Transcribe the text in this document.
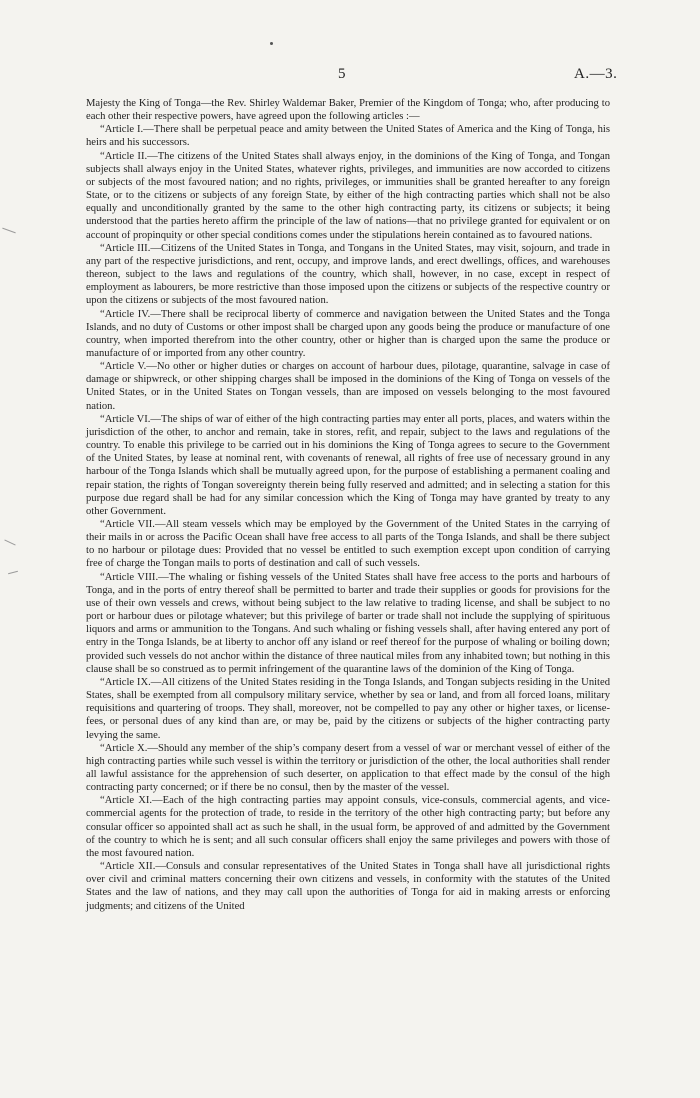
5	A.—3.

Majesty the King of Tonga—the Rev. Shirley Waldemar Baker, Premier of the Kingdom of Tonga; who, after producing to each other their respective powers, have agreed upon the following articles :—

“Article I.—There shall be perpetual peace and amity between the United States of America and the King of Tonga, his heirs and his successors.

“Article II.—The citizens of the United States shall always enjoy, in the dominions of the King of Tonga, and Tongan subjects shall always enjoy in the United States, whatever rights, privileges, and immunities are now accorded to citizens or subjects of the most favoured nation; and no rights, privileges, or immunities shall be granted hereafter to any foreign State, or to the citizens or subjects of any foreign State, by either of the high contracting parties which shall not be also equally and unconditionally granted by the same to the other high contracting party, its citizens or subjects; it being understood that the parties hereto affirm the principle of the law of nations—that no privilege granted for equivalent or on account of propinquity or other special conditions comes under the stipulations herein contained as to favoured nations.

“Article III.—Citizens of the United States in Tonga, and Tongans in the United States, may visit, sojourn, and trade in any part of the respective jurisdictions, and rent, occupy, and improve lands, and erect dwellings, offices, and warehouses thereon, subject to the laws and regulations of the country, which shall, however, in no case, except in respect of employment as labourers, be more restrictive than those imposed upon the citizens or subjects of the respective country or upon the citizens or subjects of the most favoured nation.

“Article IV.—There shall be reciprocal liberty of commerce and navigation between the United States and the Tonga Islands, and no duty of Customs or other impost shall be charged upon any goods being the produce or manufacture of one country, when imported therefrom into the other country, other or higher than is charged upon the same the produce or manufacture of or imported from any other country.

“Article V.—No other or higher duties or charges on account of harbour dues, pilotage, quarantine, salvage in case of damage or shipwreck, or other shipping charges shall be imposed in the dominions of the King of Tonga on vessels of the United States, or in the United States on Tongan vessels, than are imposed on vessels belonging to the most favoured nation.

“Article VI.—The ships of war of either of the high contracting parties may enter all ports, places, and waters within the jurisdiction of the other, to anchor and remain, take in stores, refit, and repair, subject to the laws and regulations of the country. To enable this privilege to be carried out in his dominions the King of Tonga agrees to secure to the Government of the United States, by lease at nominal rent, with covenants of renewal, all rights of free use of necessary ground in any harbour of the Tonga Islands which shall be mutually agreed upon, for the purpose of establishing a permanent coaling and repair station, the rights of Tongan sovereignty therein being fully reserved and admitted; and in selecting a station for this purpose due regard shall be had for any similar concession which the King of Tonga may have granted by treaty to any other Government.

“Article VII.—All steam vessels which may be employed by the Government of the United States in the carrying of their mails in or across the Pacific Ocean shall have free access to all parts of the Tonga Islands, and shall be there subject to no harbour or pilotage dues: Provided that no vessel be entitled to such exemption except upon condition of carrying free of charge the Tongan mails to ports of destination and call of such vessels.

“Article VIII.—The whaling or fishing vessels of the United States shall have free access to the ports and harbours of Tonga, and in the ports of entry thereof shall be permitted to barter and trade their supplies or goods for provisions for the use of their own vessels and crews, without being subject to the law relative to trading license, and shall be subject to no port or harbour dues or pilotage whatever; but this privilege of barter or trade shall not include the supplying of spirituous liquors and arms or ammunition to the Tongans. And such whaling or fishing vessels shall, after having entered any port of entry in the Tonga Islands, be at liberty to anchor off any island or reef thereof for the purpose of whaling or boiling down; provided such vessels do not anchor within the distance of three nautical miles from any inhabited town; but nothing in this clause shall be so construed as to permit infringement of the quarantine laws of the dominion of the King of Tonga.

“Article IX.—All citizens of the United States residing in the Tonga Islands, and Tongan subjects residing in the United States, shall be exempted from all compulsory military service, whether by sea or land, and from all forced loans, military requisitions and quartering of troops. They shall, moreover, not be compelled to pay any other or higher taxes, or license-fees, or personal dues of any kind than are, or may be, paid by the citizens or subjects of the higher contracting party levying the same.

“Article X.—Should any member of the ship’s company desert from a vessel of war or merchant vessel of either of the high contracting parties while such vessel is within the territory or jurisdiction of the other, the local authorities shall render all lawful assistance for the apprehension of such deserter, on application to that effect made by the consul of the high contracting party concerned; or if there be no consul, then by the master of the vessel.

“Article XI.—Each of the high contracting parties may appoint consuls, vice-consuls, commercial agents, and vice-commercial agents for the protection of trade, to reside in the territory of the other high contracting party; but before any consular officer so appointed shall act as such he shall, in the usual form, be approved of and admitted by the Government of the country to which he is sent; and all such consular officers shall enjoy the same privileges and powers with those of the most favoured nation.

“Article XII.—Consuls and consular representatives of the United States in Tonga shall have all jurisdictional rights over civil and criminal matters concerning their own citizens and vessels, in conformity with the statutes of the United States and the law of nations, and they may call upon the authorities of Tonga for aid in making arrests or enforcing judgments; and citizens of the United
